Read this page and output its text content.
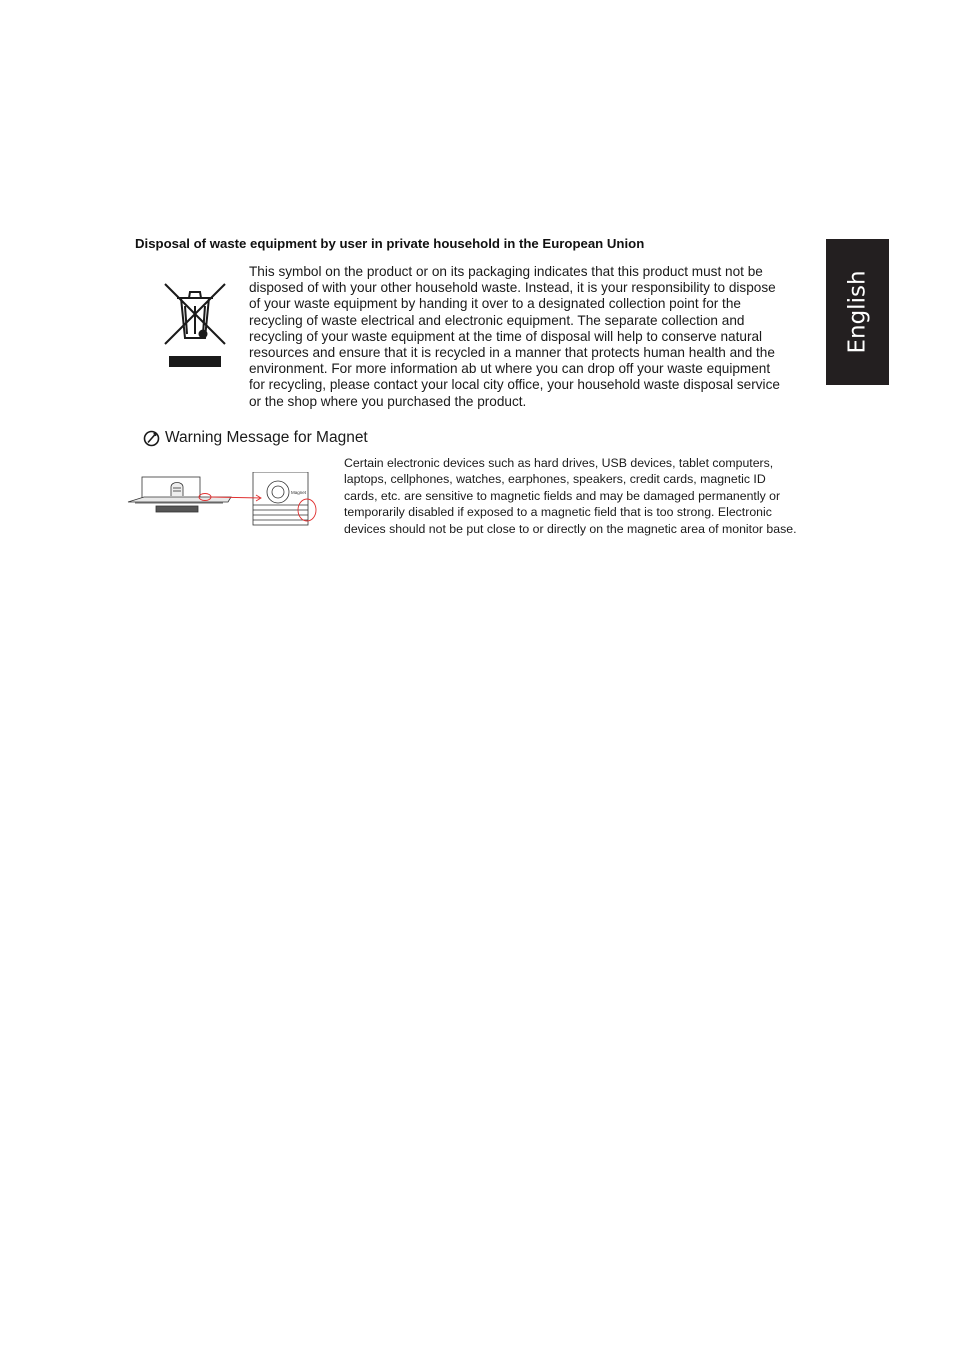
English
Disposal of waste equipment by user in private household in the European Union

This symbol on the product or on its packaging indicates that this product must not be disposed of with your other household waste. Instead, it is your responsibility to dispose of your waste equipment by handing it over to a designated collection point for the recycling of waste electrical and electronic equipment. The separate collection and recycling of your waste equipment at the time of disposal will help to conserve natural resources and ensure that it is recycled in a manner that protects human health and the environment. For more information ab ut where you can drop off your waste equipment for recycling, please contact your local city office, your household waste disposal service or the shop where you purchased the product.

Warning Message for Magnet
Magnet

Certain electronic devices such as hard drives, USB devices, tablet computers, laptops, cellphones, watches, earphones, speakers, credit cards, magnetic ID cards, etc. are sensitive to magnetic fields and may be damaged permanently or temporarily disabled if exposed to a magnetic field that is too strong. Electronic devices should not be put close to or directly on the magnetic area of monitor base.
